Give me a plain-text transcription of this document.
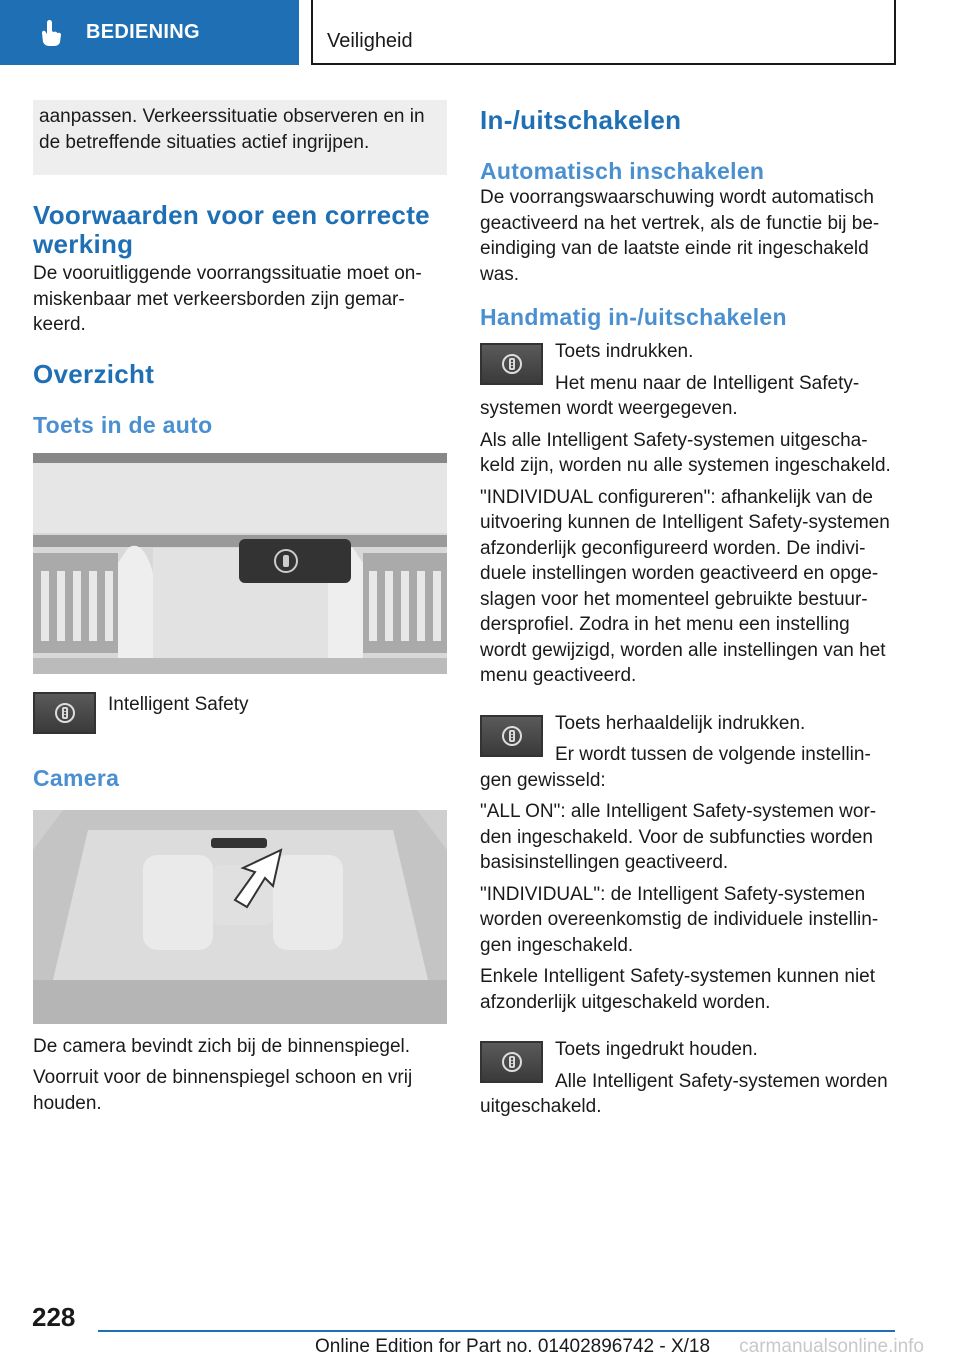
BEDIENING	Veiligheid

aanpassen. Verkeerssituatie observeren en in de betreffende situaties actief ingrijpen.

Voorwaarden voor een correcte werking

De vooruitliggende voorrangssituatie moet on-miskenbaar met verkeersborden zijn gemar-keerd.

Overzicht
Toets in de auto

Intelligent Safety

Camera

De camera bevindt zich bij de binnenspiegel.

Voorruit voor de binnenspiegel schoon en vrij houden.

In-/uitschakelen
Automatisch inschakelen

De voorrangswaarschuwing wordt automatisch geactiveerd na het vertrek, als de functie bij be-eindiging van de laatste einde rit ingeschakeld was.

Handmatig in-/uitschakelen

Toets indrukken.

Het menu naar de Intelligent Safety-systemen wordt weergegeven.

Als alle Intelligent Safety-systemen uitgescha-keld zijn, worden nu alle systemen ingeschakeld.

"INDIVIDUAL configureren": afhankelijk van de uitvoering kunnen de Intelligent Safety-systemen afzonderlijk geconfigureerd worden. De indivi-duele instellingen worden geactiveerd en opge-slagen voor het momenteel gebruikte bestuur-dersprofiel. Zodra in het menu een instelling wordt gewijzigd, worden alle instellingen van het menu geactiveerd.

Toets herhaaldelijk indrukken.

Er wordt tussen de volgende instellin-gen gewisseld:

"ALL ON": alle Intelligent Safety-systemen wor-den ingeschakeld. Voor de subfuncties worden basisinstellingen geactiveerd.

"INDIVIDUAL": de Intelligent Safety-systemen worden overeenkomstig de individuele instellin-gen ingeschakeld.

Enkele Intelligent Safety-systemen kunnen niet afzonderlijk uitgeschakeld worden.

Toets ingedrukt houden.

Alle Intelligent Safety-systemen worden uitgeschakeld.

228
Online Edition for Part no. 01402896742 - X/18 carmanualsonline.info
